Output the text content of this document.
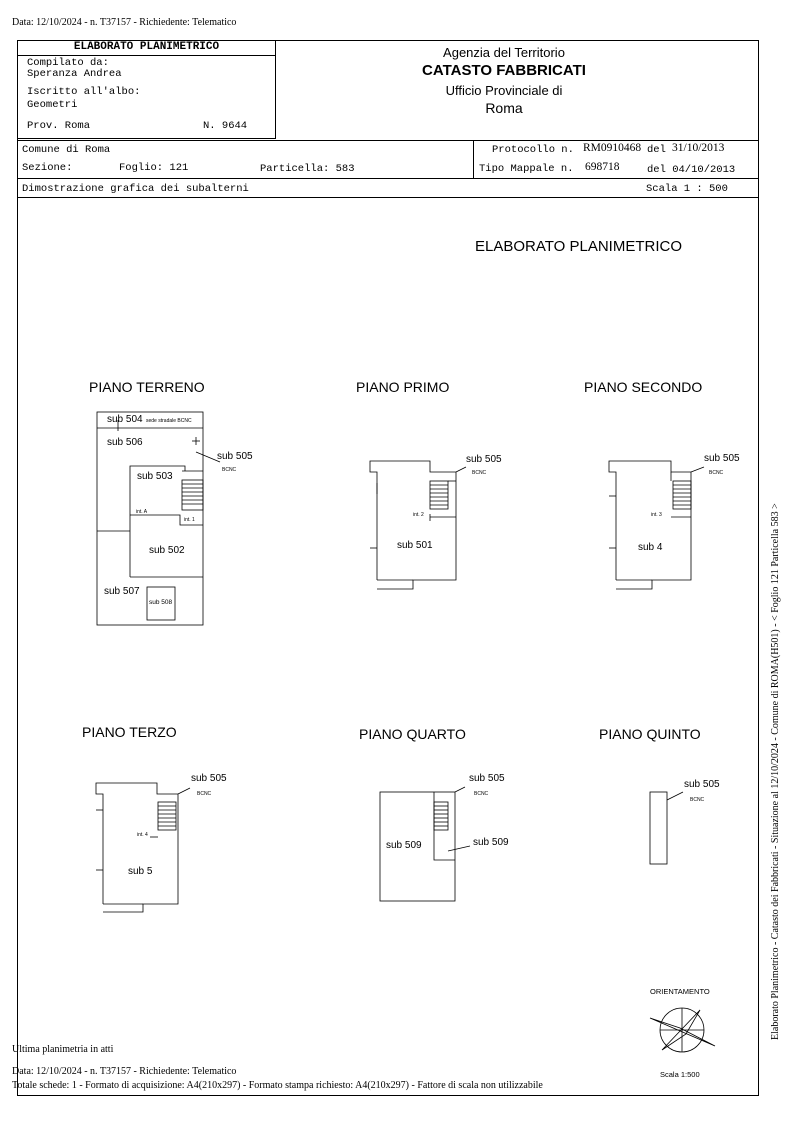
Data: 12/10/2024 - n. T37157 - Richiedente: Telematico
ELABORATO PLANIMETRICO
Compilato da:
Speranza Andrea
Iscritto all'albo:
Geometri
Prov. Roma	N. 9644
Agenzia del Territorio
CATASTO FABBRICATI
Ufficio Provinciale di
Roma
Comune di Roma	Protocollo n. RM0910468 del 31/10/2013
Sezione:	Foglio: 121	Particella: 583	Tipo Mappale n. 698718	del 04/10/2013
Dimostrazione grafica dei subalterni	Scala 1 : 500
ELABORATO PLANIMETRICO
PIANO TERRENO	PIANO PRIMO	PIANO SECONDO
PIANO TERZO	PIANO QUARTO	PIANO QUINTO
sub 504 sede stradale BCNC
sub 506
sub 505
BCNC
sub 503
int. A
int. 1
sub 502
sub 507
sub 508
sub 505
BCNC
int. 2
sub 501
sub 505
BCNC
int. 3
sub 4
sub 505
BCNC
int. 4
sub 5
sub 505
BCNC
sub 509	sub 509
sub 505
BCNC
ORIENTAMENTO
Scala 1:500
Elaborato Planimetrico - Catasto dei Fabbricati - Situazione al 12/10/2024 - Comune di ROMA(H501) - < Foglio 121 Particella 583 >
Ultima planimetria in atti
Data: 12/10/2024 - n. T37157 - Richiedente: Telematico
Totale schede: 1 - Formato di acquisizione: A4(210x297) - Formato stampa richiesto: A4(210x297) - Fattore di scala non utilizzabile
